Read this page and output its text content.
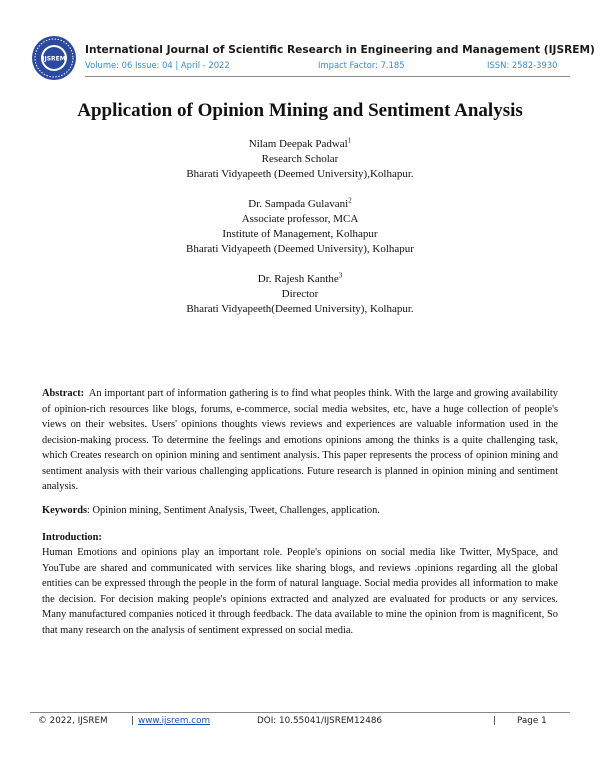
IJSREM
International Journal of Scientific Research in Engineering and Management (IJSREM)
Volume: 06 Issue: 04 | April - 2022	Impact Factor: 7.185	ISSN: 2582-3930
Application of Opinion Mining and Sentiment Analysis
Nilam Deepak Padwal$^1$
Research Scholar
Bharati Vidyapeeth (Deemed University),Kolhapur.
Dr. Sampada Gulavani$^2$
Associate professor, MCA
Institute of Management, Kolhapur
Bharati Vidyapeeth (Deemed University), Kolhapur
Dr. Rajesh Kanthe$^3$
Director
Bharati Vidyapeeth(Deemed University), Kolhapur.
Abstract: An important part of information gathering is to find what peoples think. With the large and growing availability of opinion-rich resources like blogs, forums, e-commerce, social media websites, etc, have a huge collection of people's views on their websites. Users' opinions thoughts views reviews and experiences are valuable information used in the decision-making process. To determine the feelings and emotions opinions among the thinks is a quite challenging task, which Creates research on opinion mining and sentiment analysis. This paper represents the process of opinion mining and sentiment analysis with their various challenging applications. Future research is planned in opinion mining and sentiment analysis.
Keywords: Opinion mining, Sentiment Analysis, Tweet, Challenges, application.
Introduction:
Human Emotions and opinions play an important role. People's opinions on social media like Twitter, MySpace, and YouTube are shared and communicated with services like sharing blogs, and reviews .opinions regarding all the global entities can be expressed through the people in the form of natural language. Social media provides all information to make the decision. For decision making people's opinions extracted and analyzed are evaluated for products or any services. Many manufactured companies noticed it through feedback. The data available to mine the opinion from is magnificent, So that many research on the analysis of sentiment expressed on social media.
© 2022, IJSREM	| www.ijsrem.com	DOI: 10.55041/IJSREM12486	| Page 1
